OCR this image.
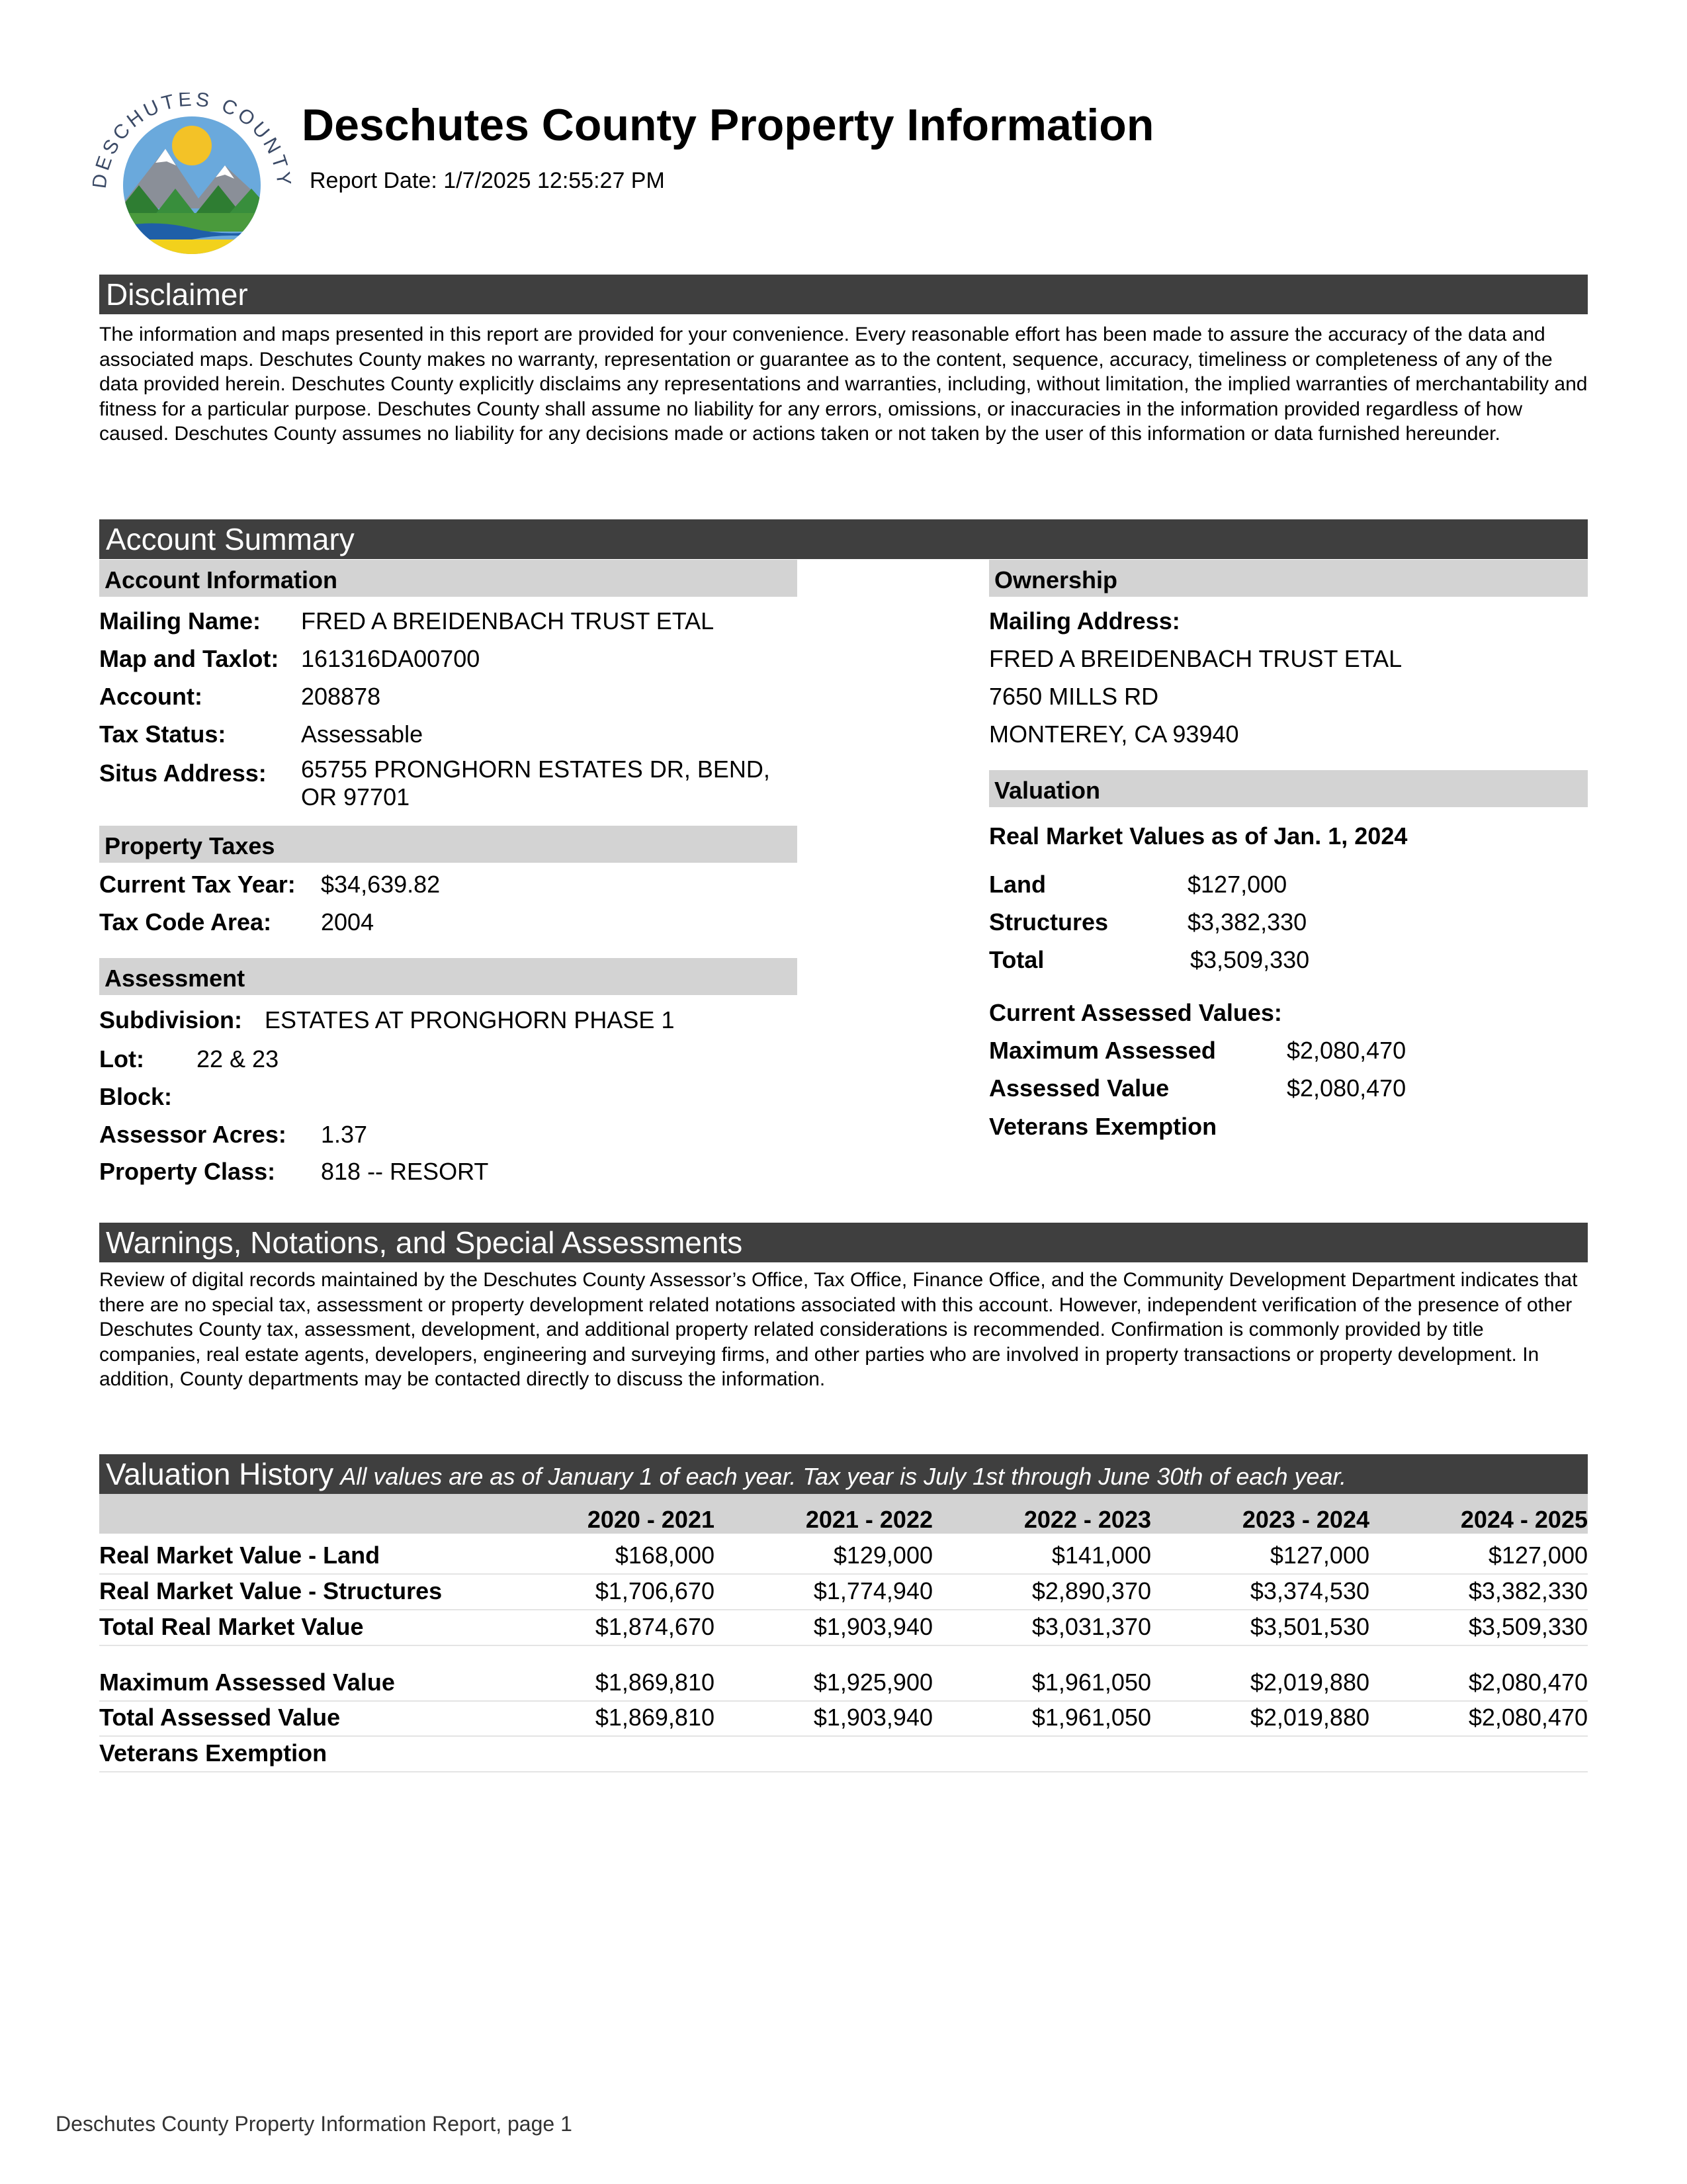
ESCHUTES COUNT
Deschutes County Property Information
Report Date: 1/7/2025 12:55:27 PM
Disclaimer
The information and maps presented in this report are provided for your convenience. Every reasonable effort has been made to assure the accuracy of the data and associated maps. Deschutes County makes no warranty, representation or guarantee as to the content, sequence, accuracy, timeliness or completeness of any of the data provided herein. Deschutes County explicitly disclaims any representations and warranties, including, without limitation, the implied warranties of merchantability and fitness for a particular purpose. Deschutes County shall assume no liability for any errors, omissions, or inaccuracies in the information provided regardless of how caused. Deschutes County assumes no liability for any decisions made or actions taken or not taken by the user of this information or data furnished hereunder.
Account Summary
Account Information
Mailing Name: FRED A BREIDENBACH TRUST ETAL
Map and Taxlot: 161316DA00700
Account:	208878
Tax Status:	Assessable
Situs Address: 65755 PRONGHORN ESTATES DR, BEND,
OR 97701
Property Taxes
Current Tax Year: $34,639.82
Tax Code Area: 2004
Assessment
Subdivision: ESTATES AT PRONGHORN PHASE 1
Lot: 22 & 23
Block:
Assessor Acres: 1.37
Property Class: 818 -- RESORT
Ownership
Mailing Address:
FRED A BREIDENBACH TRUST ETAL
7650 MILLS RD
MONTEREY, CA 93940
Valuation
Real Market Values as of Jan. 1, 2024
Land	$127,000
Structures	$3,382,330
Total	$3,509,330
Current Assessed Values:
Maximum Assessed	$2,080,470
Assessed Value	$2,080,470
Veterans Exemption
Warnings, Notations, and Special Assessments
Review of digital records maintained by the Deschutes County Assessor’s Office, Tax Office, Finance Office, and the Community Development Department indicates that there are no special tax, assessment or property development related notations associated with this account. However, independent verification of the presence of other Deschutes County tax, assessment, development, and additional property related considerations is recommended. Confirmation is commonly provided by title companies, real estate agents, developers, engineering and surveying firms, and other parties who are involved in property transactions or property development. In addition, County departments may be contacted directly to discuss the information.
Valuation History All values are as of January 1 of each year. Tax year is July 1st through June 30th of each year.
2020 - 2021	2021 - 2022	2022 - 2023	2023 - 2024	2024 - 2025
Real Market Value - Land	$168,000	$129,000	$141,000	$127,000	$127,000
Real Market Value - Structures	$1,706,670	$1,774,940	$2,890,370	$3,374,530	$3,382,330
Total Real Market Value	$1,874,670	$1,903,940	$3,031,370	$3,501,530	$3,509,330
Maximum Assessed Value	$1,869,810	$1,925,900	$1,961,050	$2,019,880	$2,080,470
Total Assessed Value	$1,869,810	$1,903,940	$1,961,050	$2,019,880	$2,080,470
Veterans Exemption
Deschutes County Property Information Report, page 1
